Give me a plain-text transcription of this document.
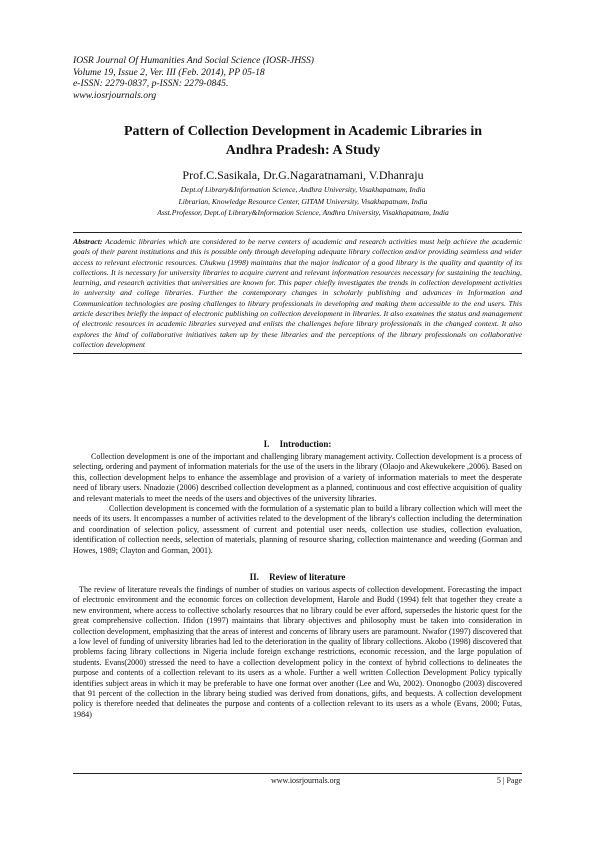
IOSR Journal Of Humanities And Social Science (IOSR-JHSS)
Volume 19, Issue 2, Ver. III (Feb. 2014), PP 05-18
e-ISSN: 2279-0837, p-ISSN: 2279-0845.
www.iosrjournals.org
Pattern of Collection Development in Academic Libraries in
Andhra Pradesh: A Study
Prof.C.Sasikala, Dr.G.Nagaratnamani, V.Dhanraju
Dept.of Library&Information Science, Andhra University, Visakhapatnam, India
Librarian, Knowledge Resource Center, GITAM University, Visakhapatnam, India
Asst.Professor, Dept.of Library&Information Science, Andhra University, Visakhapatnam, India
Abstract: Academic libraries which are considered to be nerve centers of academic and research activities must help achieve the academic goals of their parent institutions and this is possible only through developing adequate library collection and/or providing seamless and wider access to relevant electronic resources. Chukwu (1998) maintains that the major indicator of a good library is the quality and quantity of its collections. It is necessary for university libraries to acquire current and relevant information resources necessary for sustaining the teaching, learning, and research activities that universities are known for. This paper chiefly investigates the trends in collection development activities in university and college libraries. Further the contemporary changes in scholarly publishing and advances in Information and Communication technologies are posing challenges to library professionals in developing and making them accessible to the end users. This article describes briefly the impact of electronic publishing on collection development in libraries. It also examines the status and management of electronic resources in academic libraries surveyed and enlists the challenges before library professionals in the changed context. It also explores the kind of collaborative initiatives taken up by these libraries and the perceptions of the library professionals on collaborative collection development
I. Introduction:

Collection development is one of the important and challenging library management activity. Collection development is a process of selecting, ordering and payment of information materials for the use of the users in the library (Olaojo and Akewukekere ,2006). Based on this, collection development helps to enhance the assemblage and provision of a variety of information materials to meet the desperate need of library users. Nnadozie (2006) described collection development as a planned, continuous and cost effective acquisition of quality and relevant materials to meet the needs of the users and objectives of the university libraries.

Collection development is concerned with the formulation of a systematic plan to build a library collection which will meet the needs of its users. It encompasses a number of activities related to the development of the library's collection including the determination and coordination of selection policy, assessment of current and potential user needs, collection use studies, collection evaluation, identification of collection needs, selection of materials, planning of resource sharing, collection maintenance and weeding (Gorman and Howes, 1989; Clayton and Gorman, 2001).

II. Review of literature

The review of literature reveals the findings of number of studies on various aspects of collection development. Forecasting the impact of electronic environment and the economic forces on collection development, Harole and Budd (1994) felt that together they create a new environment, where access to collective scholarly resources that no library could be ever afford, supersedes the historic quest for the great comprehensive collection. Ifidon (1997) maintains that library objectives and philosophy must be taken into consideration in collection development, emphasizing that the areas of interest and concerns of library users are paramount. Nwafor (1997) discovered that a low level of funding of university libraries had led to the deterioration in the quality of library collections. Akobo (1998) discovered that problems facing library collections in Nigeria include foreign exchange restrictions, economic recession, and the large population of students. Evans(2000) stressed the need to have a collection development policy in the context of hybrid collections to delineates the purpose and contents of a collection relevant to its users as a whole. Further a well written Collection Development Policy typically identifies subject areas in which it may be preferable to have one format over another (Lee and Wu, 2002). Ononogbo (2003) discovered that 91 percent of the collection in the library being studied was derived from donations, gifts, and bequests. A collection development policy is therefore needed that delineates the purpose and contents of a collection relevant to its users as a whole (Evans, 2000; Futas, 1984)

www.iosrjournals.org	5 | Page
